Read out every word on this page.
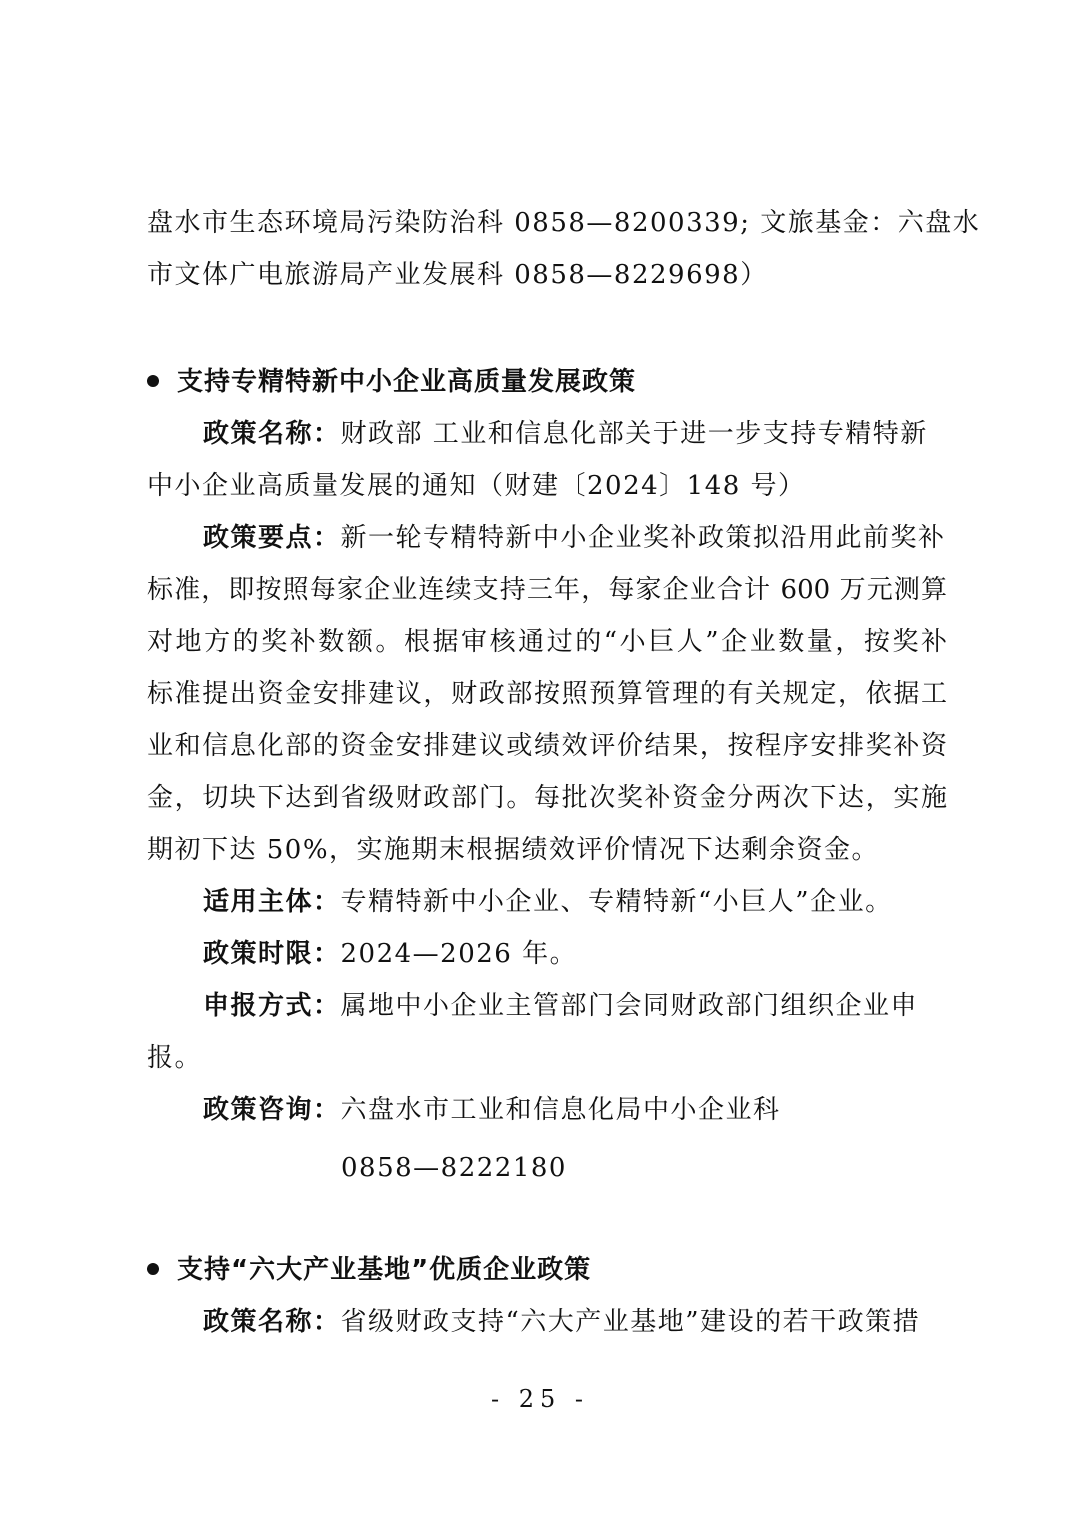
盘水市生态环境局污染防治科 0858—8200339; 文旅基金：六盘水
市文体广电旅游局产业发展科 0858—8229698）
支持专精特新中小企业高质量发展政策
政策名称：财政部 工业和信息化部关于进一步支持专精特新
中小企业高质量发展的通知（财建〔2024〕148 号）
政策要点：新一轮专精特新中小企业奖补政策拟沿用此前奖补
标准，即按照每家企业连续支持三年，每家企业合计 600 万元测算
对地方的奖补数额。根据审核通过的“小巨人”企业数量，按奖补
标准提出资金安排建议，财政部按照预算管理的有关规定，依据工
业和信息化部的资金安排建议或绩效评价结果，按程序安排奖补资
金，切块下达到省级财政部门。每批次奖补资金分两次下达，实施
期初下达 50%，实施期末根据绩效评价情况下达剩余资金。
适用主体：专精特新中小企业、专精特新“小巨人”企业。
政策时限：2024—2026 年。
申报方式：属地中小企业主管部门会同财政部门组织企业申
报。
政策咨询：六盘水市工业和信息化局中小企业科
0858—8222180
支持“六大产业基地”优质企业政策
政策名称：省级财政支持“六大产业基地”建设的若干政策措
- 25 -
